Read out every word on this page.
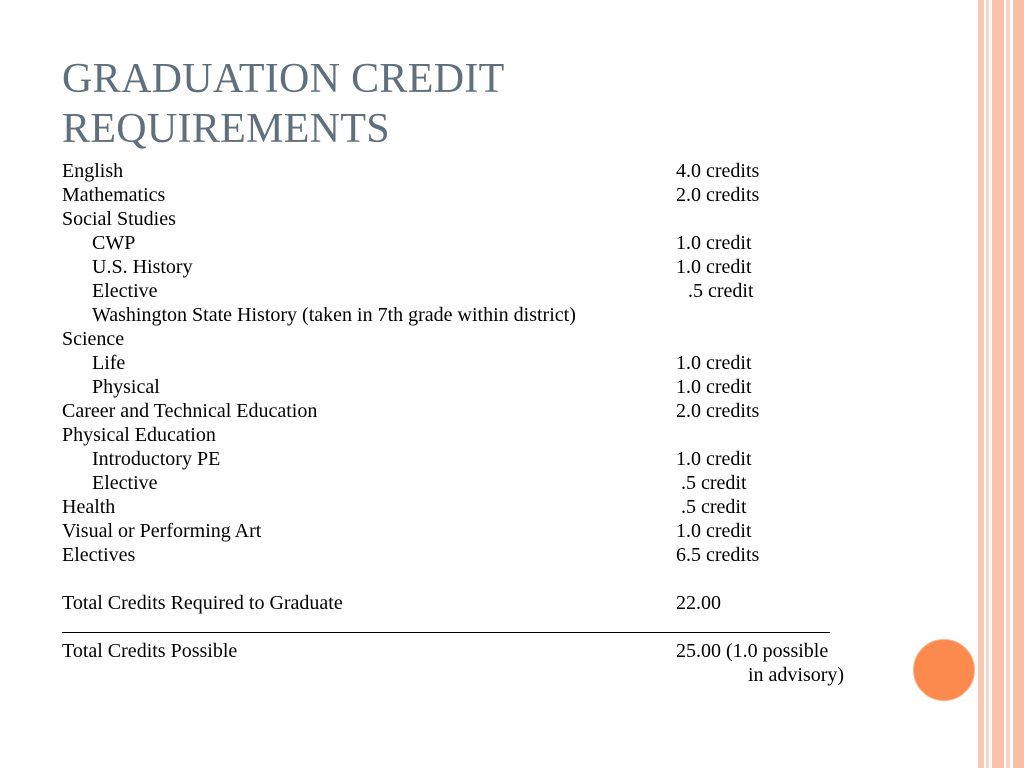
GRADUATION CREDIT
REQUIREMENTS
English	4.0 credits
Mathematics	2.0 credits
Social Studies
CWP	1.0 credit
U.S. History	1.0 credit
Elective	.5 credit
Washington State History (taken in 7th grade within district)
Science
Life	1.0 credit
Physical	1.0 credit
Career and Technical Education	2.0 credits
Physical Education
Introductory PE	1.0 credit
Elective	.5 credit
Health	.5 credit
Visual or Performing Art	1.0 credit
Electives	6.5 credits
Total Credits Required to Graduate	22.00
Total Credits Possible	25.00 (1.0 possible
in advisory)
